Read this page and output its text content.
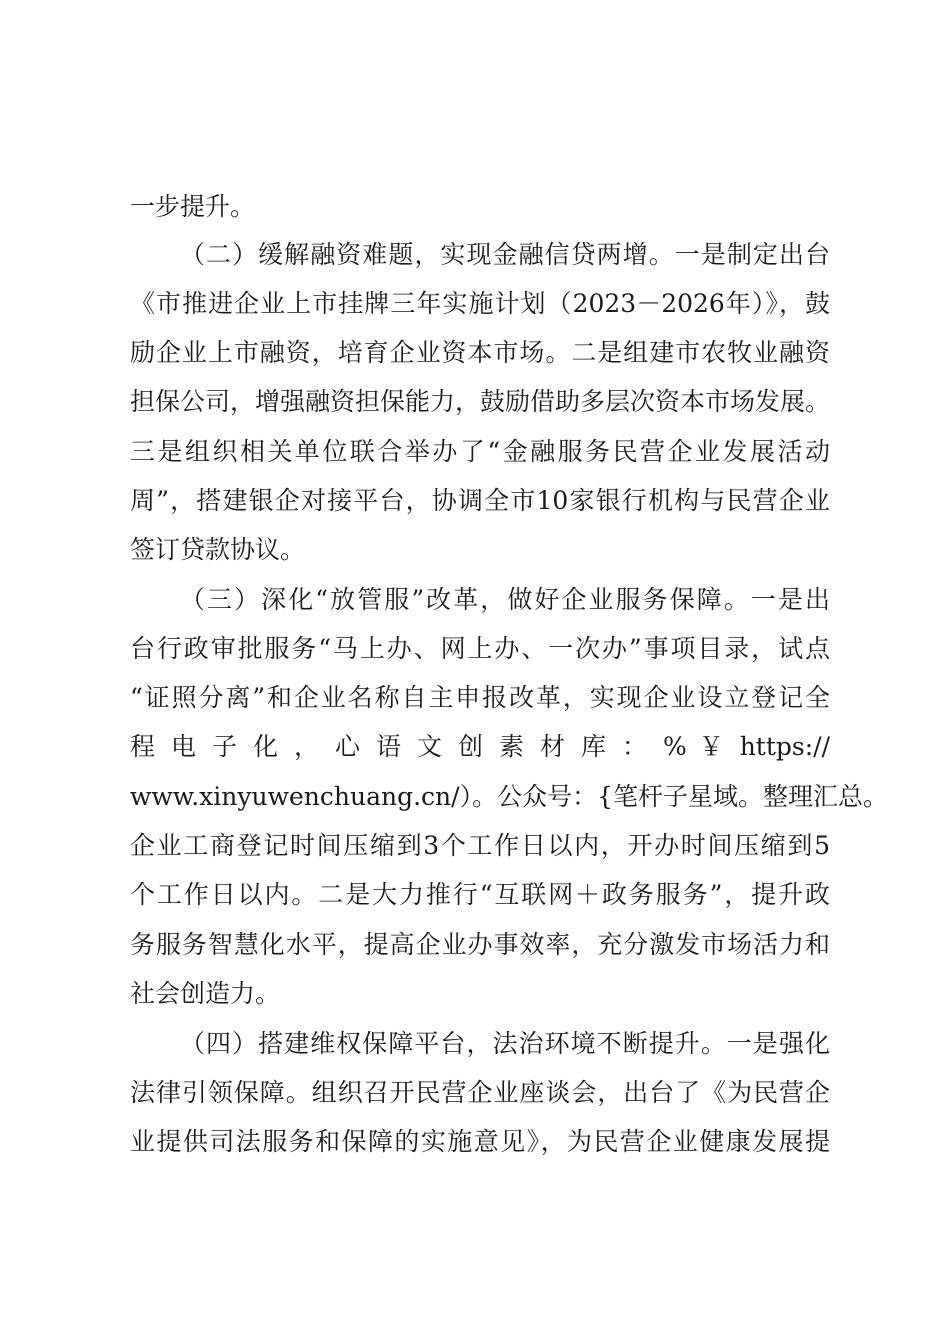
一步提升。
（二）缓解融资难题，实现金融信贷两增。一是制定出台
《市推进企业上市挂牌三年实施计划（2023－2026年）》，鼓
励企业上市融资，培育企业资本市场。二是组建市农牧业融资
担保公司，增强融资担保能力，鼓励借助多层次资本市场发展。
三是组织相关单位联合举办了“金融服务民营企业发展活动
周”，搭建银企对接平台，协调全市10家银行机构与民营企业
签订贷款协议。
（三）深化“放管服”改革，做好企业服务保障。一是出
台行政审批服务“马上办、网上办、一次办”事项目录，试点
“证照分离”和企业名称自主申报改革，实现企业设立登记全
程 电 子 化 ， 心 语 文 创 素 材 库 ： % ￥ https://
www.xinyuwenchuang.cn/）。公众号：{笔杆子星域。整理汇总。
企业工商登记时间压缩到3个工作日以内，开办时间压缩到5
个工作日以内。二是大力推行“互联网＋政务服务”，提升政
务服务智慧化水平，提高企业办事效率，充分激发市场活力和
社会创造力。
（四）搭建维权保障平台，法治环境不断提升。一是强化
法律引领保障。组织召开民营企业座谈会，出台了《为民营企
业提供司法服务和保障的实施意见》，为民营企业健康发展提
